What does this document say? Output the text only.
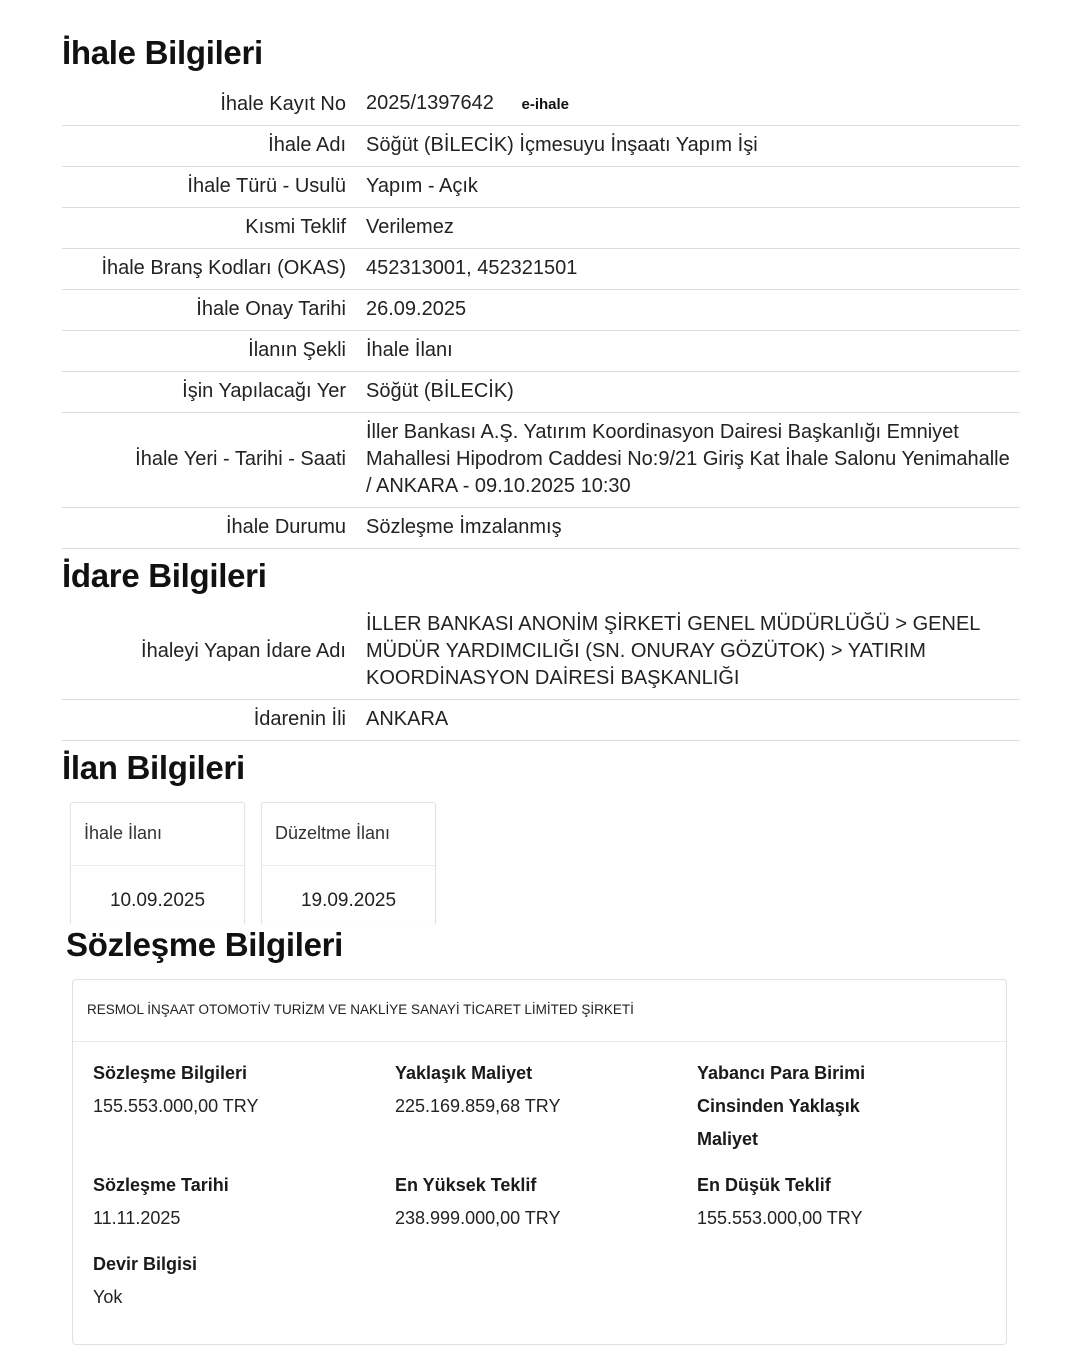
İhale Bilgileri
İhale Kayıt No	2025/1397642 e-ihale
İhale Adı	Söğüt (BİLECİK) İçmesuyu İnşaatı Yapım İşi
İhale Türü - Usulü	Yapım - Açık
Kısmi Teklif	Verilemez
İhale Branş Kodları (OKAS)	452313001, 452321501
İhale Onay Tarihi	26.09.2025
İlanın Şekli	İhale İlanı
İşin Yapılacağı Yer	Söğüt (BİLECİK)
İhale Yeri - Tarihi - Saati	İller Bankası A.Ş. Yatırım Koordinasyon Dairesi Başkanlığı Emniyet Mahallesi Hipodrom Caddesi No:9/21 Giriş Kat İhale Salonu Yenimahalle / ANKARA - 09.10.2025 10:30
İhale Durumu	Sözleşme İmzalanmış
İdare Bilgileri
İhaleyi Yapan İdare Adı	İLLER BANKASI ANONİM ŞİRKETİ GENEL MÜDÜRLÜĞÜ > GENEL MÜDÜR YARDIMCILIĞI (SN. ONURAY GÖZÜTOK) > YATIRIM KOORDİNASYON DAİRESİ BAŞKANLIĞI
İdarenin İli	ANKARA
İlan Bilgileri
İhale İlanı
10.09.2025
Düzeltme İlanı
19.09.2025
Sözleşme Bilgileri
RESMOL İNŞAAT OTOMOTİV TURİZM VE NAKLİYE SANAYİ TİCARET LİMİTED ŞİRKETİ
Sözleşme Bilgileri
155.553.000,00 TRY
Yaklaşık Maliyet
225.169.859,68 TRY
Yabancı Para Birimi Cinsinden Yaklaşık Maliyet
Sözleşme Tarihi
11.11.2025
En Yüksek Teklif
238.999.000,00 TRY
En Düşük Teklif
155.553.000,00 TRY
Devir Bilgisi
Yok
